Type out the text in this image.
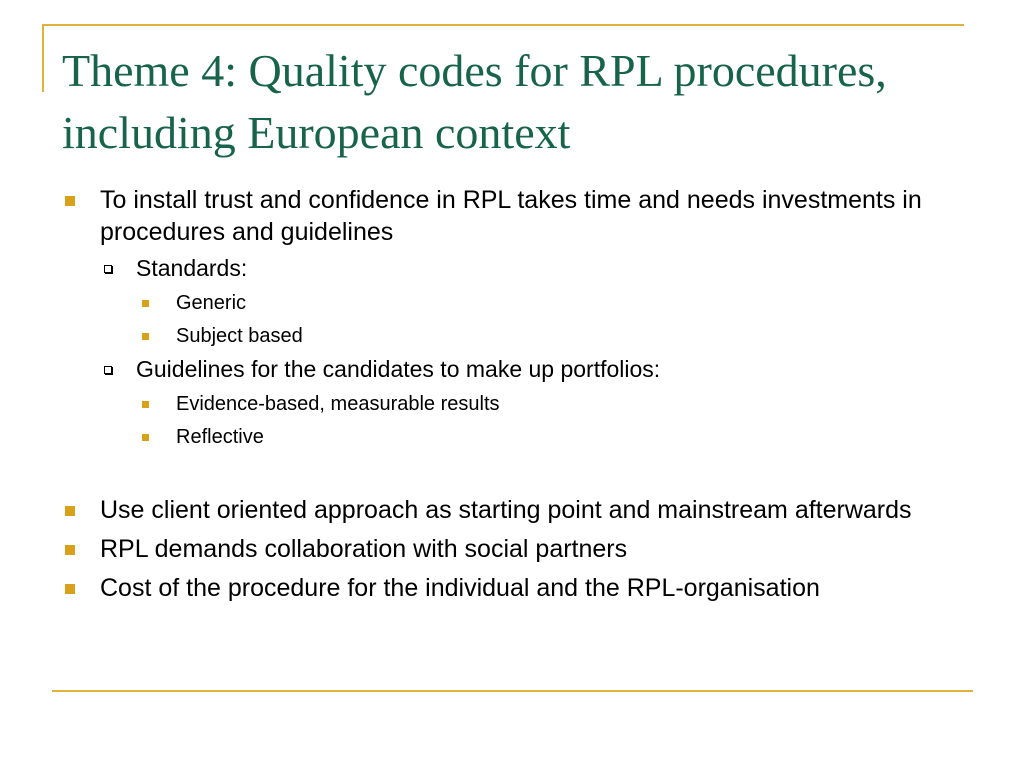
Theme 4: Quality codes for RPL procedures, including European context
To install trust and confidence in RPL takes time and needs investments in procedures and guidelines
Standards:
Generic
Subject based
Guidelines for the candidates to make up portfolios:
Evidence-based, measurable results
Reflective
Use client oriented approach as starting point and mainstream afterwards
RPL demands collaboration with social partners
Cost of the procedure for the individual and the RPL-organisation
